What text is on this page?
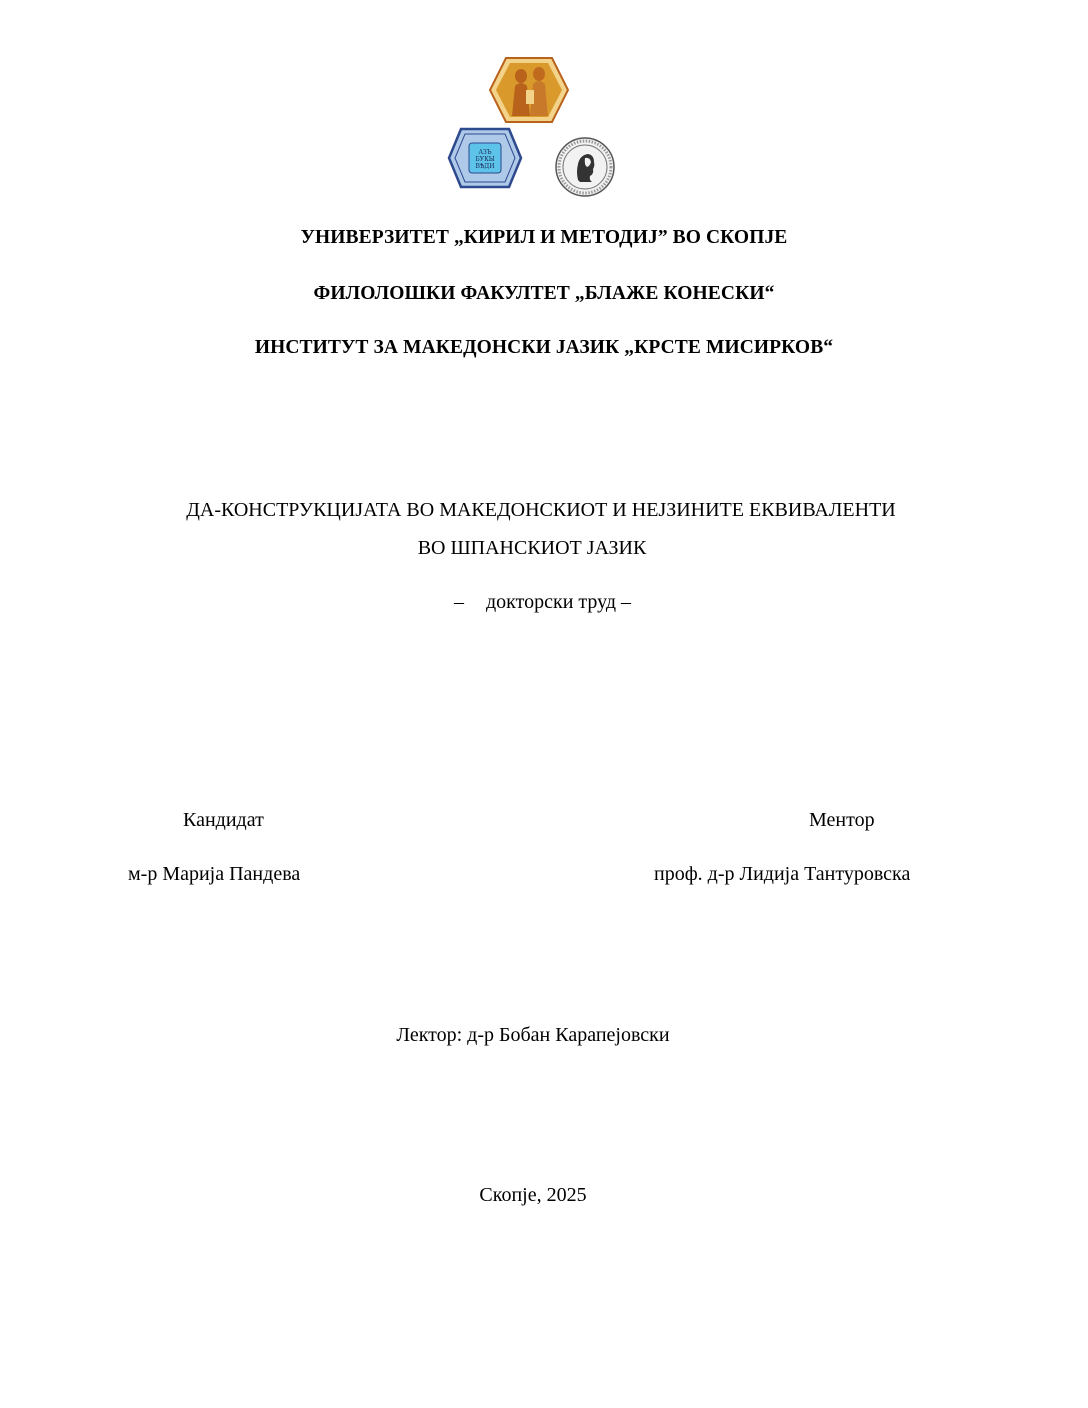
АЗЪ
БУКЫ
ВѢДИ
УНИВЕРЗИТЕТ „КИРИЛ И МЕТОДИЈ” ВО СКОПЈЕ
ФИЛОЛОШКИ ФАКУЛТЕТ „БЛАЖЕ КОНЕСКИ“
ИНСТИТУТ ЗА МАКЕДОНСКИ ЈАЗИК „КРСТЕ МИСИРКОВ“
ДА-КОНСТРУКЦИЈАТА ВО МАКЕДОНСКИОТ И НЕЈЗИНИТЕ ЕКВИВАЛЕНТИ
ВО ШПАНСКИОТ ЈАЗИК
– докторски труд –
Кандидат	Ментор
м-р Марија Пандева	проф. д-р Лидија Тантуровска
Лектор: д-р Бобан Карапејовски
Скопје, 2025
